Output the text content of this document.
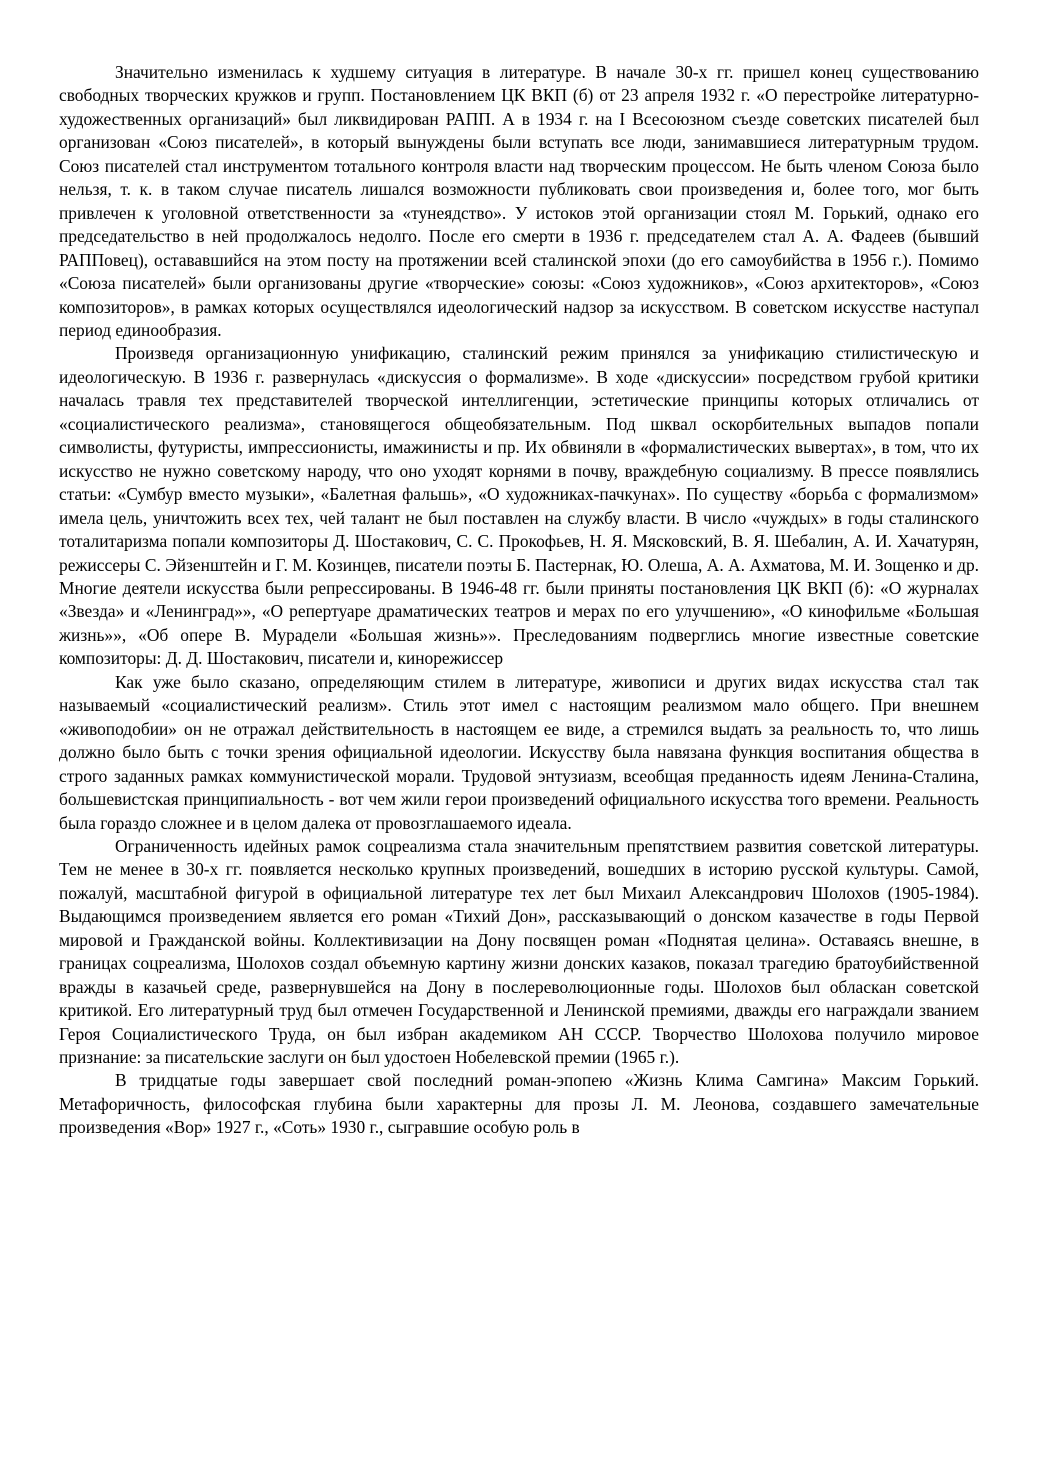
Значительно изменилась к худшему ситуация в литературе. В начале 30-х гг. пришел конец существованию свободных творческих кружков и групп. Постановлением ЦК ВКП (б) от 23 апреля 1932 г. «О перестройке литературно-художественных организаций» был ликвидирован РАПП. А в 1934 г. на I Всесоюзном съезде советских писателей был организован «Союз писателей», в который вынуждены были вступать все люди, занимавшиеся литературным трудом. Союз писателей стал инструментом тотального контроля власти над творческим процессом. Не быть членом Союза было нельзя, т. к. в таком случае писатель лишался возможности публиковать свои произведения и, более того, мог быть привлечен к уголовной ответственности за «тунеядство». У истоков этой организации стоял М. Горький, однако его председательство в ней продолжалось недолго. После его смерти в 1936 г. председателем стал А. А. Фадеев (бывший РАППовец), остававшийся на этом посту на протяжении всей сталинской эпохи (до его самоубийства в 1956 г.). Помимо «Союза писателей» были организованы другие «творческие» союзы: «Союз художников», «Союз архитекторов», «Союз композиторов», в рамках которых осуществлялся идеологический надзор за искусством. В советском искусстве наступал период единообразия.

Произведя организационную унификацию, сталинский режим принялся за унификацию стилистическую и идеологическую. В 1936 г. развернулась «дискуссия о формализме». В ходе «дискуссии» посредством грубой критики началась травля тех представителей творческой интеллигенции, эстетические принципы которых отличались от «социалистического реализма», становящегося общеобязательным. Под шквал оскорбительных выпадов попали символисты, футуристы, импрессионисты, имажинисты и пр. Их обвиняли в «формалистических вывертах», в том, что их искусство не нужно советскому народу, что оно уходят корнями в почву, враждебную социализму. В прессе появлялись статьи: «Сумбур вместо музыки», «Балетная фальшь», «О художниках-пачкунах». По существу «борьба с формализмом» имела цель, уничтожить всех тех, чей талант не был поставлен на службу власти. В число «чуждых» в годы сталинского тоталитаризма попали композиторы Д. Шостакович, С. С. Прокофьев, Н. Я. Мясковский, В. Я. Шебалин, А. И. Хачатурян, режиссеры С. Эйзенштейн и Г. М. Козинцев, писатели поэты Б. Пастернак, Ю. Олеша, А. А. Ахматова, М. И. Зощенко и др. Многие деятели искусства были репрессированы. В 1946-48 гг. были приняты постановления ЦК ВКП (б): «О журналах «Звезда» и «Ленинград»», «О репертуаре драматических театров и мерах по его улучшению», «О кинофильме «Большая жизнь»», «Об опере В. Мурадели «Большая жизнь»». Преследованиям подверглись многие известные советские композиторы: Д. Д. Шостакович, писатели и, кинорежиссер

Как уже было сказано, определяющим стилем в литературе, живописи и других видах искусства стал так называемый «социалистический реализм». Стиль этот имел с настоящим реализмом мало общего. При внешнем «живоподобии» он не отражал действительность в настоящем ее виде, а стремился выдать за реальность то, что лишь должно было быть с точки зрения официальной идеологии. Искусству была навязана функция воспитания общества в строго заданных рамках коммунистической морали. Трудовой энтузиазм, всеобщая преданность идеям Ленина-Сталина, большевистская принципиальность - вот чем жили герои произведений официального искусства того времени. Реальность была гораздо сложнее и в целом далека от провозглашаемого идеала.

Ограниченность идейных рамок соцреализма стала значительным препятствием развития советской литературы. Тем не менее в 30-х гг. появляется несколько крупных произведений, вошедших в историю русской культуры. Самой, пожалуй, масштабной фигурой в официальной литературе тех лет был Михаил Александрович Шолохов (1905-1984). Выдающимся произведением является его роман «Тихий Дон», рассказывающий о донском казачестве в годы Первой мировой и Гражданской войны. Коллективизации на Дону посвящен роман «Поднятая целина». Оставаясь внешне, в границах соцреализма, Шолохов создал объемную картину жизни донских казаков, показал трагедию братоубийственной вражды в казачьей среде, развернувшейся на Дону в послереволюционные годы. Шолохов был обласкан советской критикой. Его литературный труд был отмечен Государственной и Ленинской премиями, дважды его награждали званием Героя Социалистического Труда, он был избран академиком АН СССР. Творчество Шолохова получило мировое признание: за писательские заслуги он был удостоен Нобелевской премии (1965 г.).

В тридцатые годы завершает свой последний роман-эпопею «Жизнь Клима Самгина» Максим Горький. Метафоричность, философская глубина были характерны для прозы Л. М. Леонова, создавшего замечательные произведения «Вор» 1927 г., «Соть» 1930 г., сыгравшие особую роль в
